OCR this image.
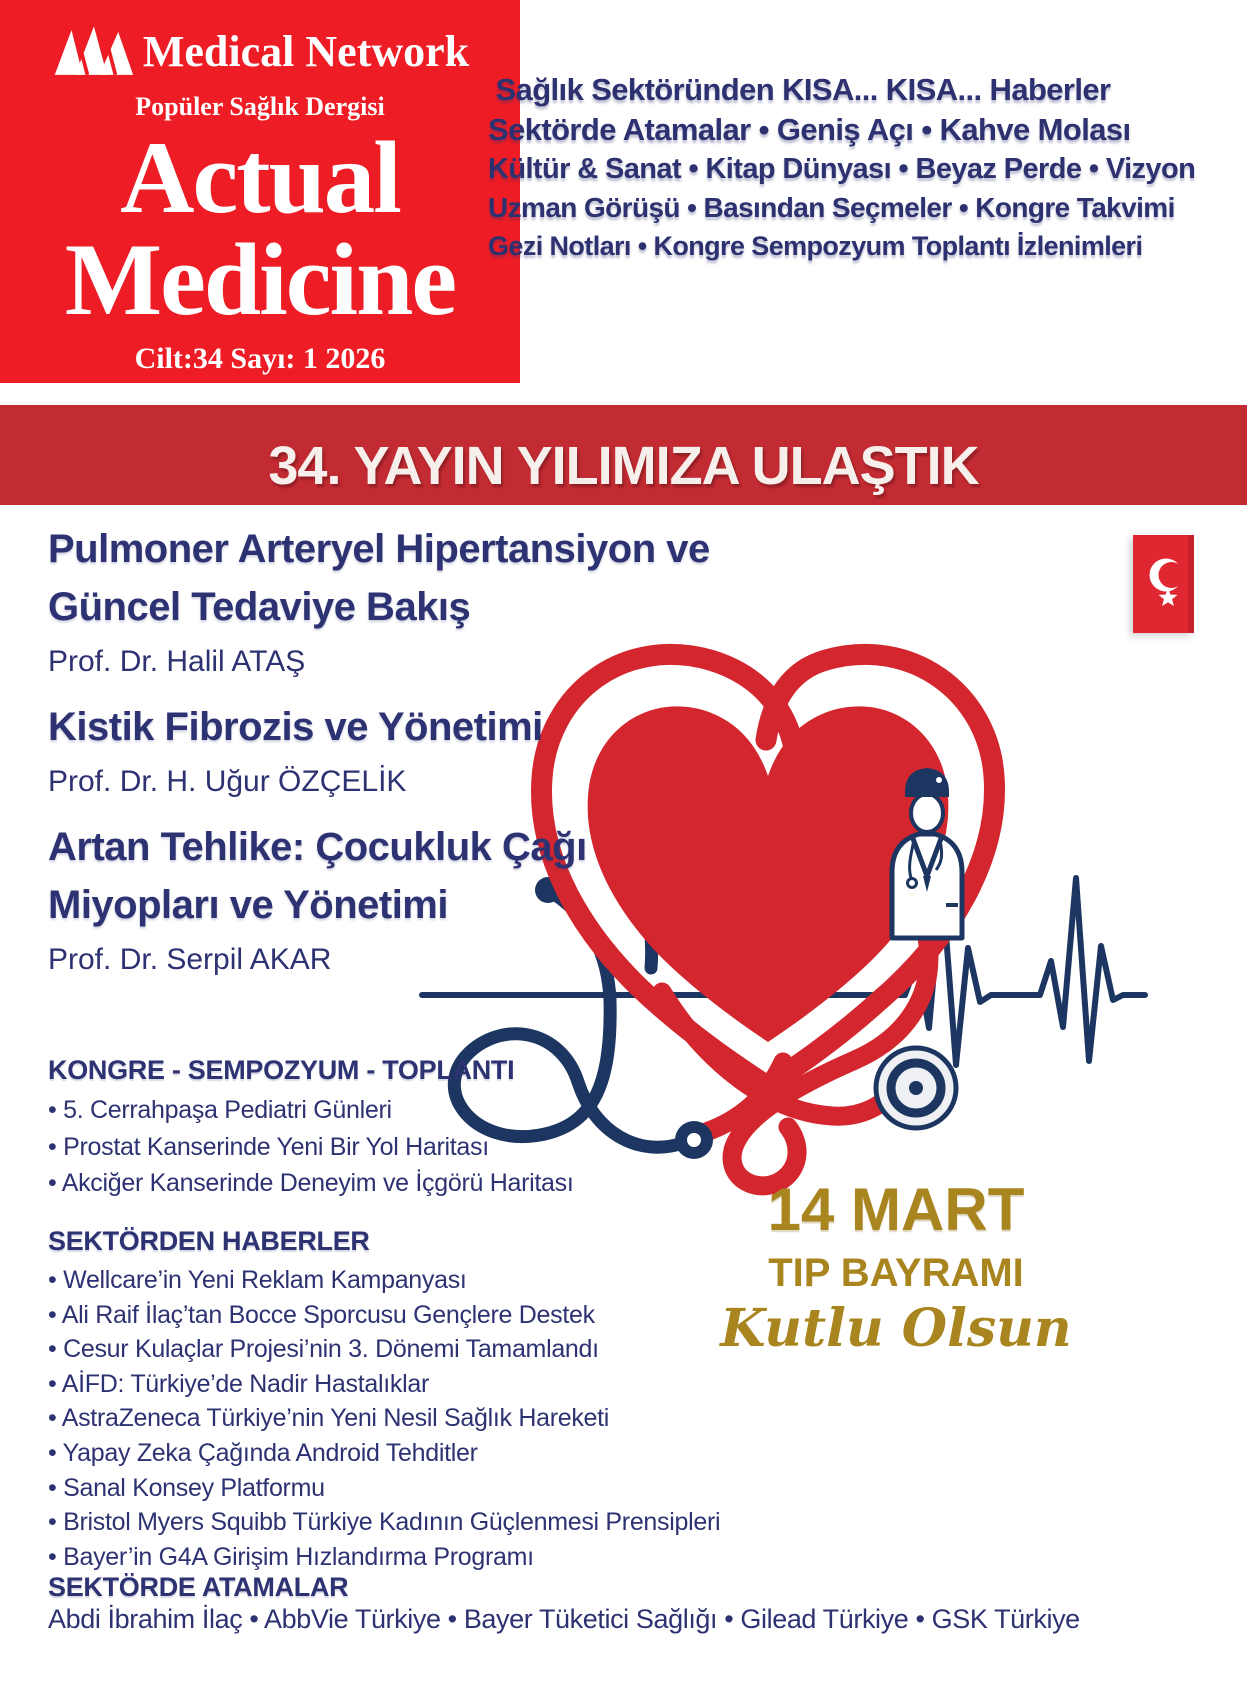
Medical Network
Popüler Sağlık Dergisi
Actual
Medicine
Cilt:34 Sayı: 1 2026
Sağlık Sektöründen KISA... KISA... Haberler
Sektörde Atamalar • Geniş Açı • Kahve Molası
Kültür & Sanat • Kitap Dünyası • Beyaz Perde • Vizyon
Uzman Görüşü • Basından Seçmeler • Kongre Takvimi
Gezi Notları • Kongre Sempozyum Toplantı İzlenimleri
34. YAYIN YILIMIZA ULAŞTIK
Pulmoner Arteryel Hipertansiyon ve
Güncel Tedaviye Bakış
Prof. Dr. Halil ATAŞ
Kistik Fibrozis ve Yönetimi
Prof. Dr. H. Uğur ÖZÇELİK
Artan Tehlike: Çocukluk Çağı
Miyopları ve Yönetimi
Prof. Dr. Serpil AKAR
KONGRE - SEMPOZYUM - TOPLANTI
• 5. Cerrahpaşa Pediatri Günleri
• Prostat Kanserinde Yeni Bir Yol Haritası
• Akciğer Kanserinde Deneyim ve İçgörü Haritası
SEKTÖRDEN HABERLER
• Wellcare’in Yeni Reklam Kampanyası
• Ali Raif İlaç’tan Bocce Sporcusu Gençlere Destek
• Cesur Kulaçlar Projesi’nin 3. Dönemi Tamamlandı
• AİFD: Türkiye’de Nadir Hastalıklar
• AstraZeneca Türkiye’nin Yeni Nesil Sağlık Hareketi
• Yapay Zeka Çağında Android Tehditler
• Sanal Konsey Platformu
• Bristol Myers Squibb Türkiye Kadının Güçlenmesi Prensipleri
• Bayer’in G4A Girişim Hızlandırma Programı
14 MART
TIP BAYRAMI
Kutlu Olsun
SEKTÖRDE ATAMALAR
Abdi İbrahim İlaç • AbbVie Türkiye • Bayer Tüketici Sağlığı • Gilead Türkiye • GSK Türkiye
